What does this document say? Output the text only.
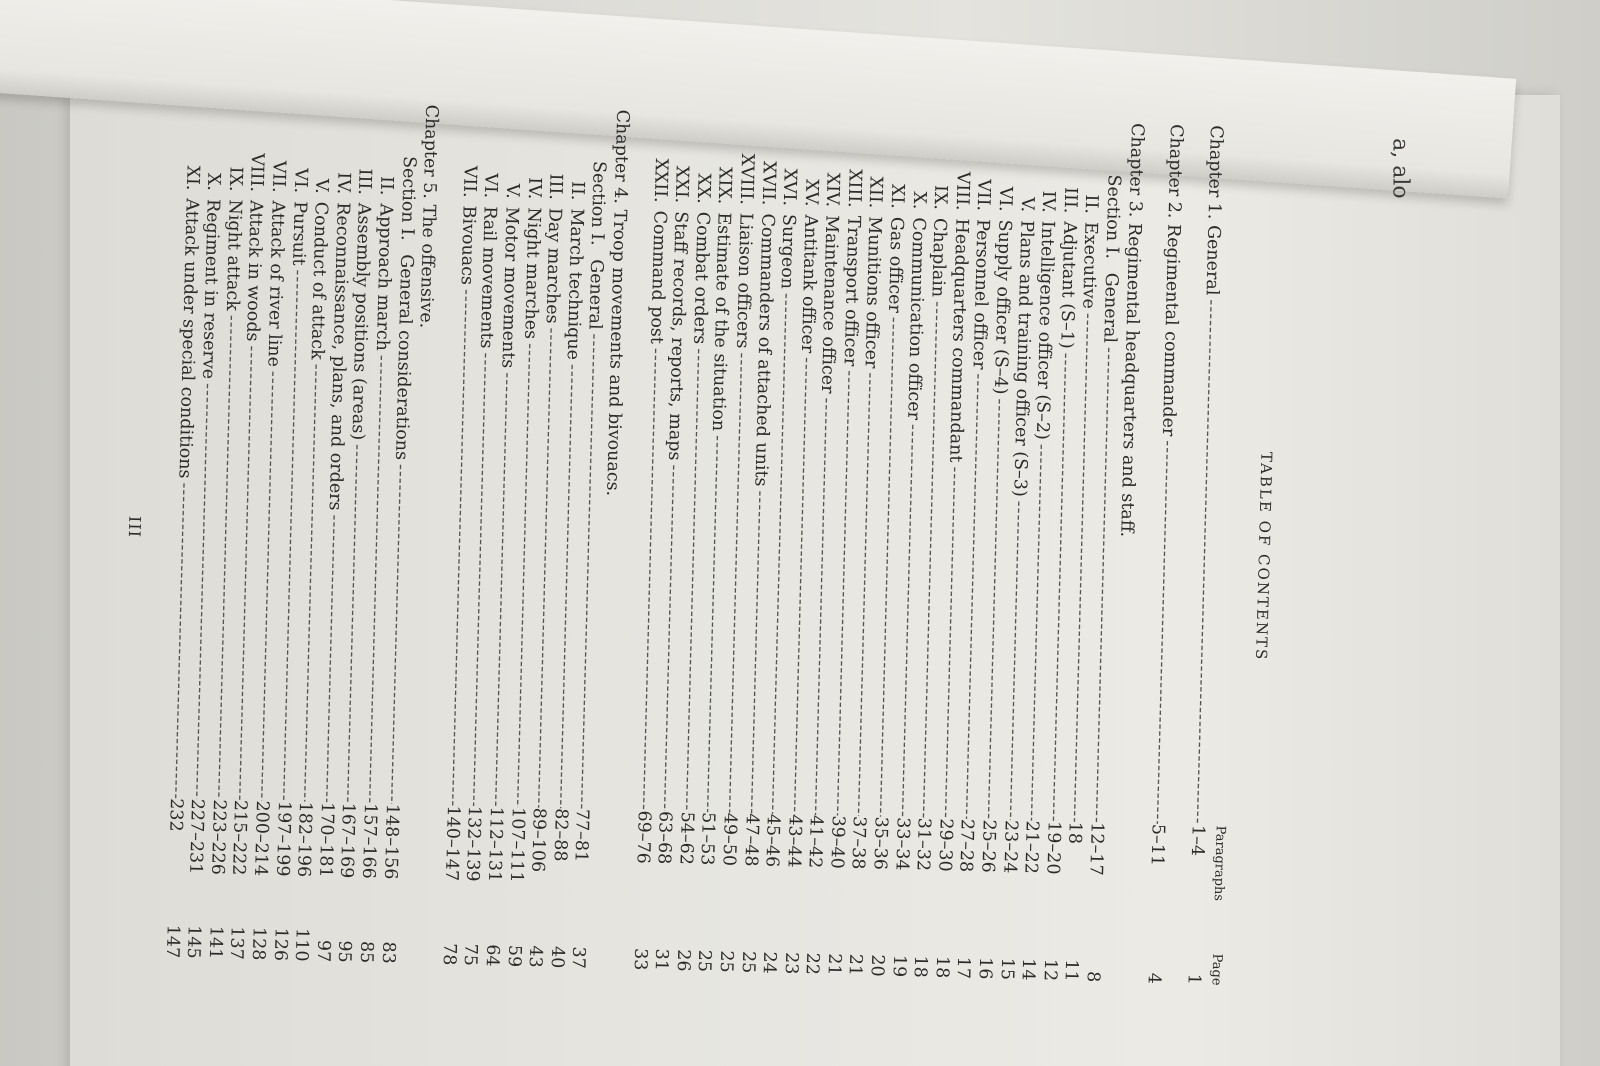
a, alo
TABLE OF CONTENTS
Paragraphs
Page
Chapter 1. General -----
1–4
1
Chapter 2. Regimental commander -----
5–11
4
Chapter 3. Regimental headquarters and staff.
Section I. General -----
12–17
8
II.Executive -----
18
11
III.Adjutant (S–1) -----
19–20
12
IV.Intelligence officer (S–2) -----
21–22
14
V.Plans and training officer (S–3) -----
23–24
15
VI.Supply officer (S–4) -----
25–26
16
VII.Personnel officer -----
27–28
17
VIII.Headquarters commandant -----
29–30
18
IX.Chaplain -----
31–32
18
X.Communication officer -----
33–34
19
XI.Gas officer -----
35–36
20
XII.Munitions officer -----
37–38
21
XIII.Transport officer -----
39–40
21
XIV.Maintenance officer -----
41–42
22
XV.Antitank officer -----
43–44
23
XVI.Surgeon -----
45–46
24
XVII.Commanders of attached units -----
47–48
25
XVIII.Liaison officers -----
49–50
25
XIX.Estimate of the situation -----
51–53
25
XX.Combat orders -----
54–62
26
XXI.Staff records, reports, maps -----
63–68
31
XXII.Command post -----
69–76
33
Chapter 4. Troop movements and bivouacs.
Section I. General -----
77–81
37
II.March technique -----
82–88
40
III.Day marches -----
89–106
43
IV.Night marches -----
107–111
59
V.Motor movements -----
112–131
64
VI.Rail movements -----
132–139
75
VII.Bivouacs -----
140–147
78
Chapter 5. The offensive.
Section I. General considerations -----
148–156
83
II.Approach march -----
157–166
85
III.Assembly positions (areas) -----
167–169
95
IV.Reconnaissance, plans, and orders -----
170–181
97
V.Conduct of attack -----
182–196
110
VI.Pursuit -----
197–199
126
VII.Attack of river line -----
200–214
128
VIII.Attack in woods -----
215–222
137
IX.Night attack -----
223–226
141
X.Regiment in reserve -----
227–231
145
XI.Attack under special conditions -----
232
147
III
